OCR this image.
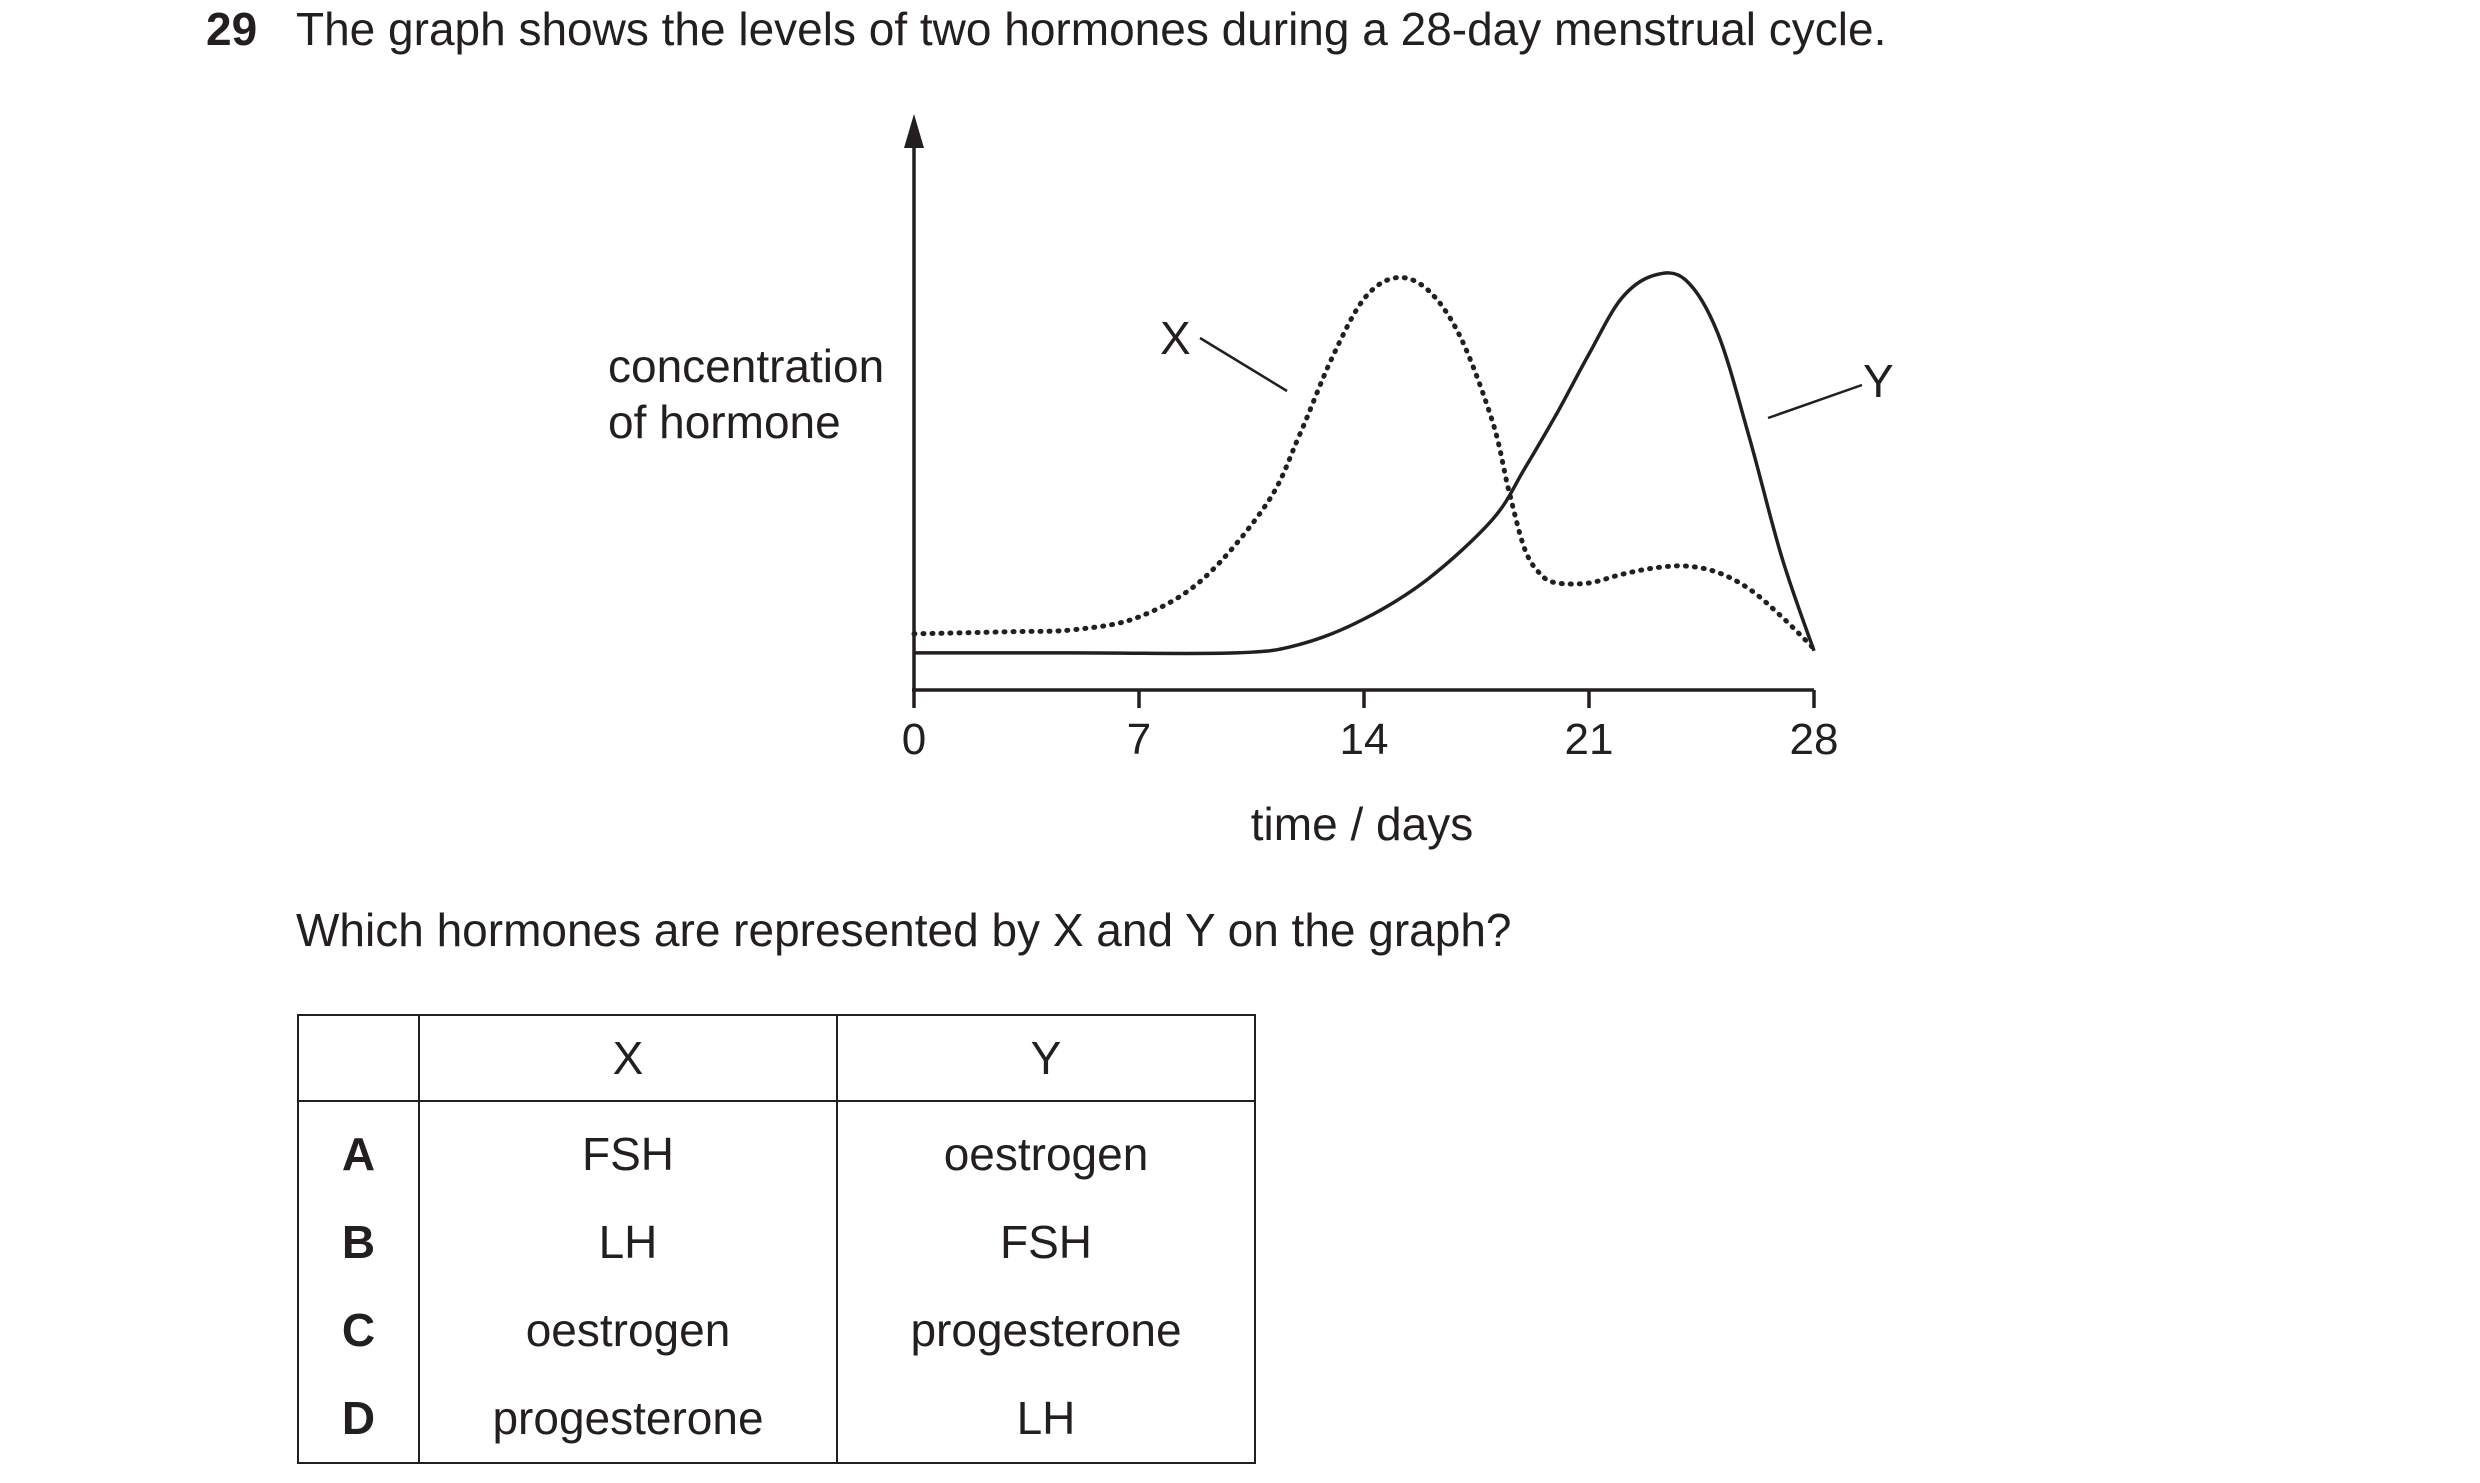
29 The graph shows the levels of two hormones during a 28-day menstrual cycle.
concentration
of hormone
0	7	14	21	28
X
Y
time / days
Which hormones are represented by X and Y on the graph?
	X	Y
A	FSH	oestrogen
B	LH	FSH
C	oestrogen	progesterone
D	progesterone	LH
